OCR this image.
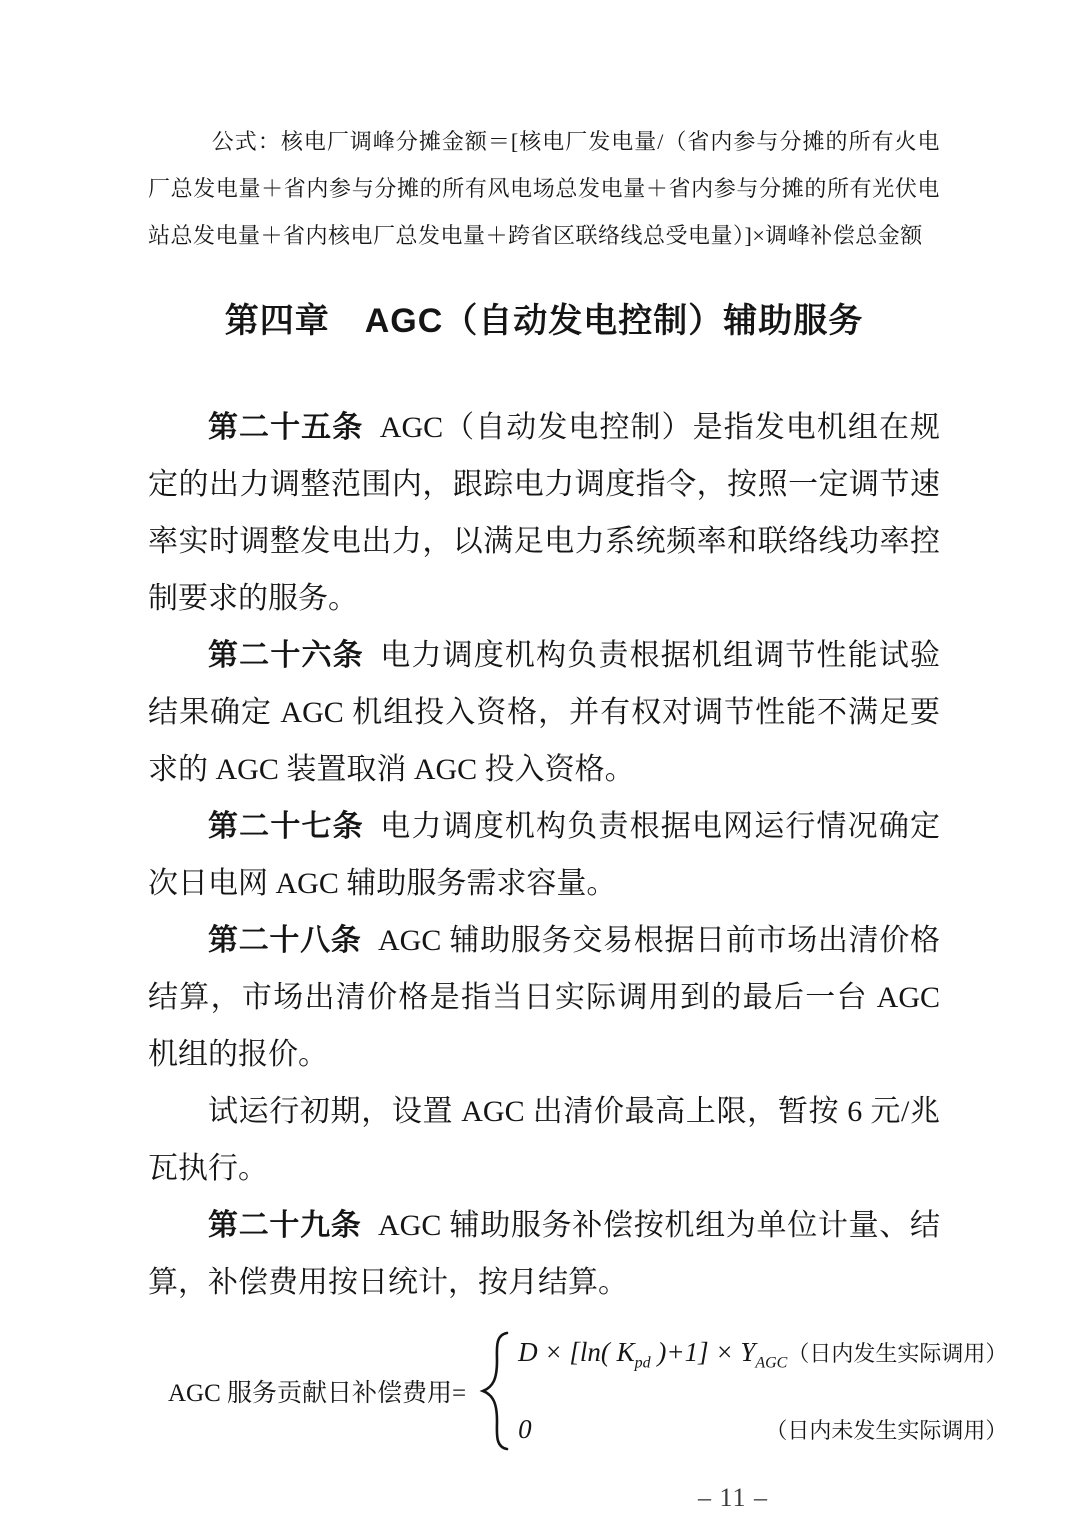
公式：核电厂调峰分摊金额＝[核电厂发电量/（省内参与分摊的所有火电厂总发电量＋省内参与分摊的所有风电场总发电量＋省内参与分摊的所有光伏电站总发电量＋省内核电厂总发电量＋跨省区联络线总受电量）]×调峰补偿总金额

第四章　AGC（自动发电控制）辅助服务

第二十五条 AGC（自动发电控制）是指发电机组在规定的出力调整范围内，跟踪电力调度指令，按照一定调节速率实时调整发电出力，以满足电力系统频率和联络线功率控制要求的服务。

第二十六条 电力调度机构负责根据机组调节性能试验结果确定 AGC 机组投入资格，并有权对调节性能不满足要求的 AGC 装置取消 AGC 投入资格。

第二十七条 电力调度机构负责根据电网运行情况确定次日电网 AGC 辅助服务需求容量。

第二十八条 AGC 辅助服务交易根据日前市场出清价格结算，市场出清价格是指当日实际调用到的最后一台 AGC 机组的报价。

试运行初期，设置 AGC 出清价最高上限，暂按 6 元/兆瓦执行。

第二十九条 AGC 辅助服务补偿按机组为单位计量、结算，补偿费用按日统计，按月结算。

AGC 服务贡献日补偿费用=
D × [ln( $K_{pd}$ )$+1] \times Y_{AGC}$ （日内发生实际调用）
0	（日内未发生实际调用）
– 11 –
